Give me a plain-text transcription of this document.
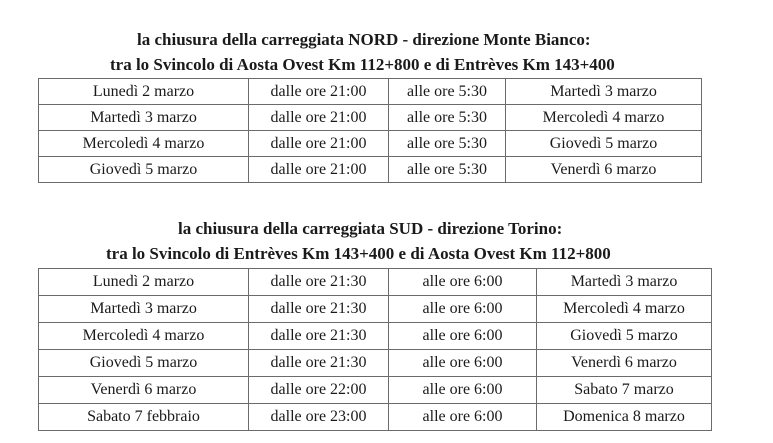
la chiusura della carreggiata NORD - direzione Monte Bianco:

tra lo Svincolo di Aosta Ovest Km 112+800 e di Entrèves Km 143+400

Lunedì 2 marzo	dalle ore 21:00	alle ore 5:30	Martedì 3 marzo
Martedì 3 marzo	dalle ore 21:00	alle ore 5:30	Mercoledì 4 marzo
Mercoledì 4 marzo	dalle ore 21:00	alle ore 5:30	Giovedì 5 marzo
Giovedì 5 marzo	dalle ore 21:00	alle ore 5:30	Venerdì 6 marzo

la chiusura della carreggiata SUD - direzione Torino:

tra lo Svincolo di Entrèves Km 143+400 e di Aosta Ovest Km 112+800

Lunedì 2 marzo	dalle ore 21:30	alle ore 6:00	Martedì 3 marzo
Martedì 3 marzo	dalle ore 21:30	alle ore 6:00	Mercoledì 4 marzo
Mercoledì 4 marzo	dalle ore 21:30	alle ore 6:00	Giovedì 5 marzo
Giovedì 5 marzo	dalle ore 21:30	alle ore 6:00	Venerdì 6 marzo
Venerdì 6 marzo	dalle ore 22:00	alle ore 6:00	Sabato 7 marzo
Sabato 7 febbraio	dalle ore 23:00	alle ore 6:00	Domenica 8 marzo
